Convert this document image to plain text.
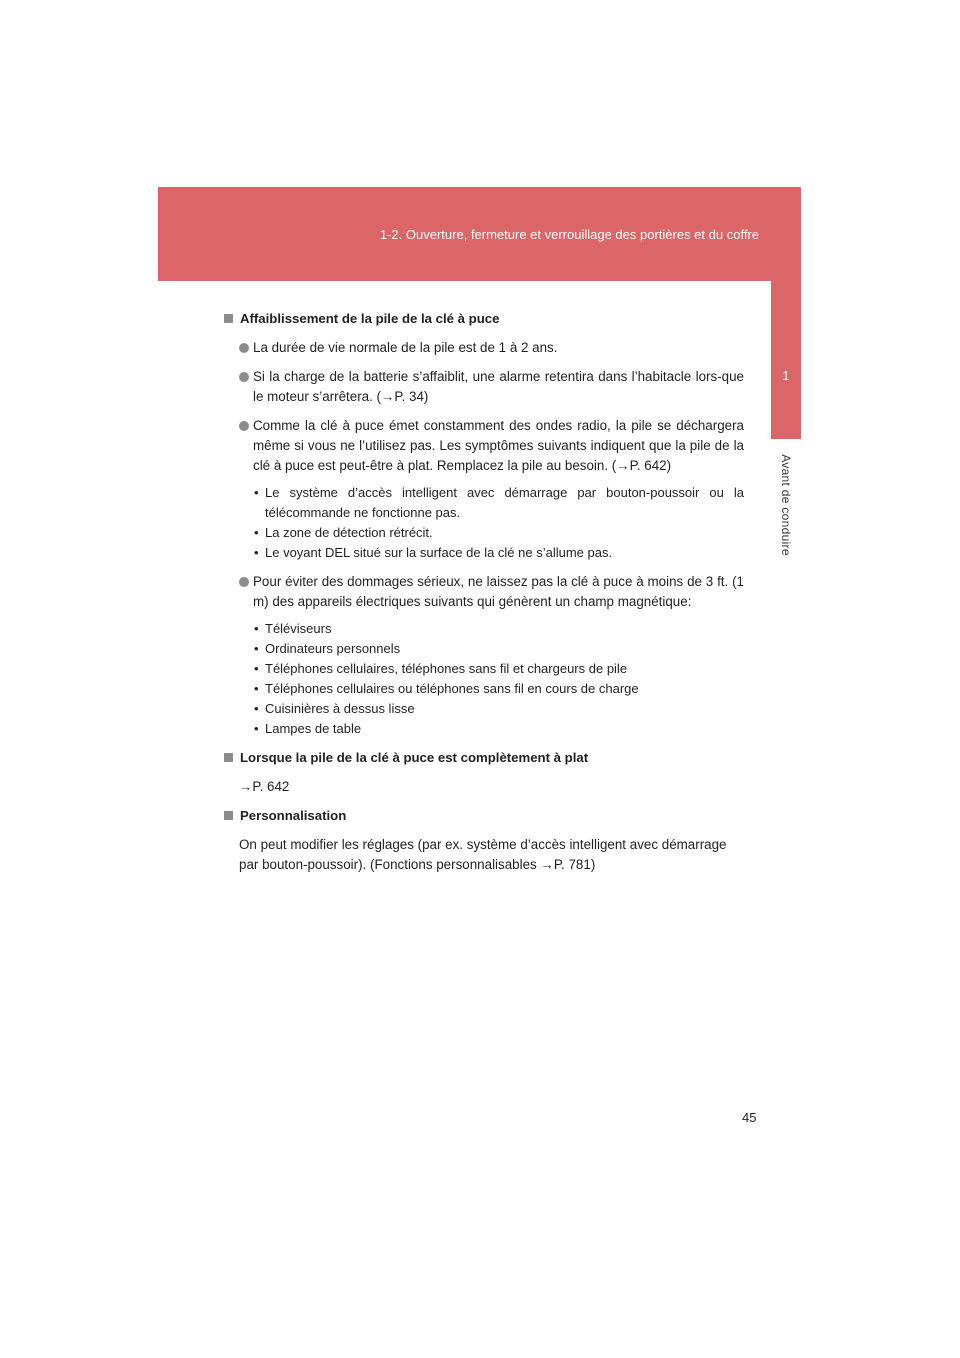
1-2. Ouverture, fermeture et verrouillage des portières et du coffre
1
Avant de conduire
Affaiblissement de la pile de la clé à puce
La durée de vie normale de la pile est de 1 à 2 ans.
Si la charge de la batterie s’affaiblit, une alarme retentira dans l’habitacle lors-que le moteur s’arrêtera. (→P. 34)
Comme la clé à puce émet constamment des ondes radio, la pile se déchargera même si vous ne l’utilisez pas. Les symptômes suivants indiquent que la pile de la clé à puce est peut-être à plat. Remplacez la pile au besoin. (→P. 642)
• Le système d’accès intelligent avec démarrage par bouton-poussoir ou la télécommande ne fonctionne pas.
• La zone de détection rétrécit.
• Le voyant DEL situé sur la surface de la clé ne s’allume pas.
Pour éviter des dommages sérieux, ne laissez pas la clé à puce à moins de 3 ft. (1 m) des appareils électriques suivants qui génèrent un champ magnétique:
• Téléviseurs
• Ordinateurs personnels
• Téléphones cellulaires, téléphones sans fil et chargeurs de pile
• Téléphones cellulaires ou téléphones sans fil en cours de charge
• Cuisinières à dessus lisse
• Lampes de table
Lorsque la pile de la clé à puce est complètement à plat
→P. 642
Personnalisation
On peut modifier les réglages (par ex. système d’accès intelligent avec démarrage par bouton-poussoir). (Fonctions personnalisables →P. 781)
45
